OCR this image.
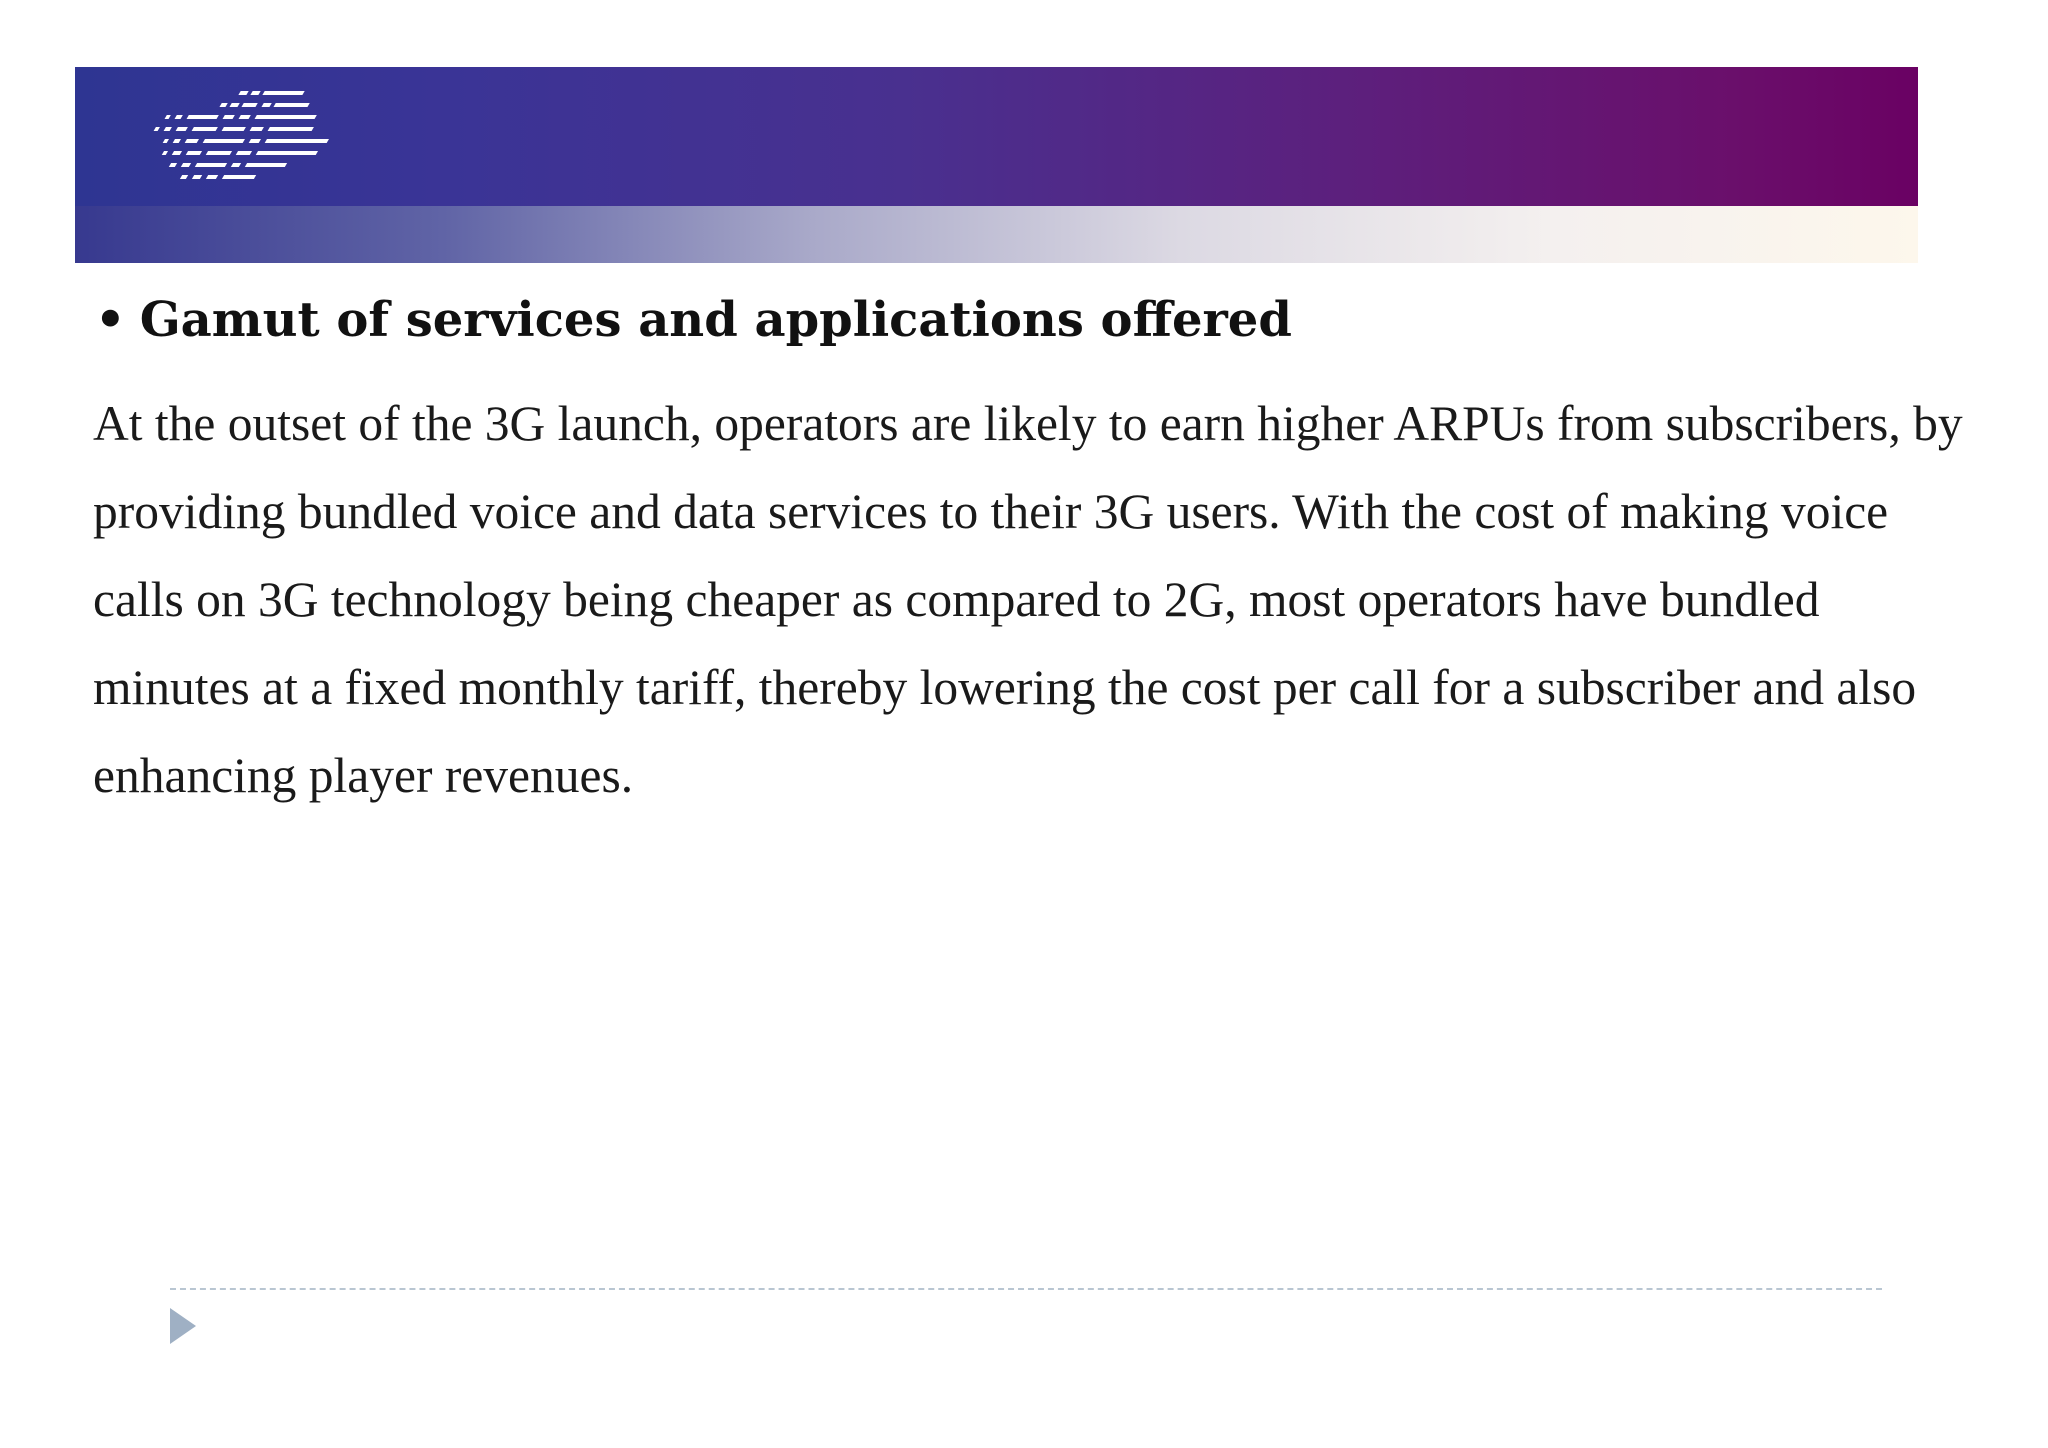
• Gamut of services and applications offered

At the outset of the 3G launch, operators are likely to earn higher ARPUs from subscribers, by providing bundled voice and data services to their 3G users. With the cost of making voice calls on 3G technology being cheaper as compared to 2G, most operators have bundled minutes at a fixed monthly tariff, thereby lowering the cost per call for a subscriber and also enhancing player revenues.
